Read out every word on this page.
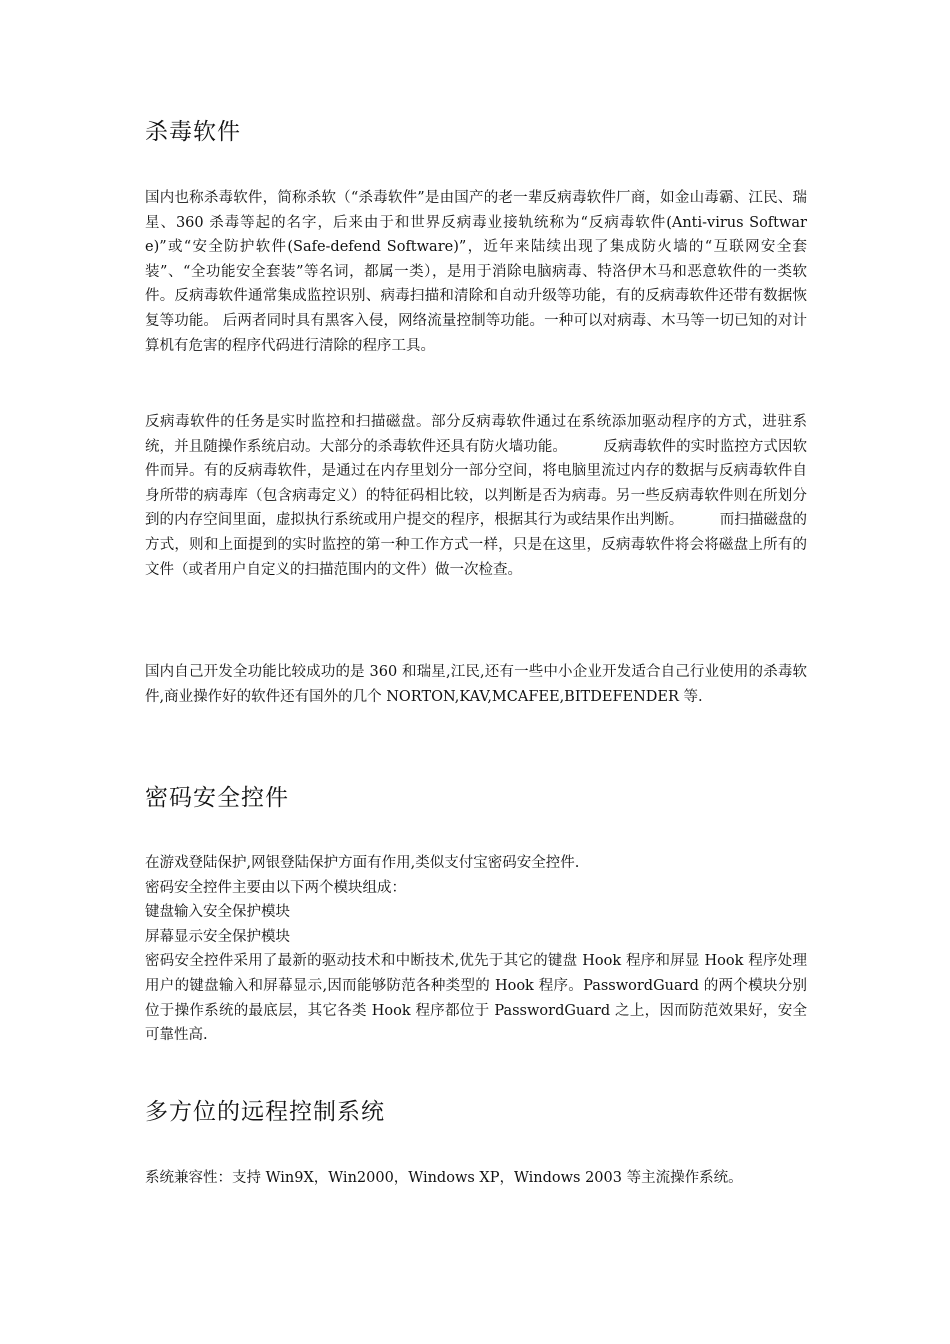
杀毒软件

国内也称杀毒软件，简称杀软（“杀毒软件”是由国产的老一辈反病毒软件厂商，如金山毒霸、江民、瑞星、360 杀毒等起的名字，后来由于和世界反病毒业接轨统称为“反病毒软件(Anti-virus Software)”或“安全防护软件(Safe-defend Software)”，近年来陆续出现了集成防火墙的“互联网安全套装”、“全功能安全套装”等名词，都属一类），是用于消除电脑病毒、特洛伊木马和恶意软件的一类软件。反病毒软件通常集成监控识别、病毒扫描和清除和自动升级等功能，有的反病毒软件还带有数据恢复等功能。 后两者同时具有黑客入侵，网络流量控制等功能。一种可以对病毒、木马等一切已知的对计算机有危害的程序代码进行清除的程序工具。

反病毒软件的任务是实时监控和扫描磁盘。部分反病毒软件通过在系统添加驱动程序的方式，进驻系统，并且随操作系统启动。大部分的杀毒软件还具有防火墙功能。　　　反病毒软件的实时监控方式因软件而异。有的反病毒软件，是通过在内存里划分一部分空间，将电脑里流过内存的数据与反病毒软件自身所带的病毒库（包含病毒定义）的特征码相比较，以判断是否为病毒。另一些反病毒软件则在所划分到的内存空间里面，虚拟执行系统或用户提交的程序，根据其行为或结果作出判断。　　　而扫描磁盘的方式，则和上面提到的实时监控的第一种工作方式一样，只是在这里，反病毒软件将会将磁盘上所有的文件（或者用户自定义的扫描范围内的文件）做一次检查。

国内自己开发全功能比较成功的是 360 和瑞星,江民,还有一些中小企业开发适合自己行业使用的杀毒软件,商业操作好的软件还有国外的几个 NORTON,KAV,MCAFEE,BITDEFENDER 等.

密码安全控件
在游戏登陆保护,网银登陆保护方面有作用,类似支付宝密码安全控件.
密码安全控件主要由以下两个模块组成：
键盘输入安全保护模块
屏幕显示安全保护模块
密码安全控件采用了最新的驱动技术和中断技术,优先于其它的键盘 Hook 程序和屏显 Hook 程序处理用户的键盘输入和屏幕显示,因而能够防范各种类型的 Hook 程序。PasswordGuard 的两个模块分别位于操作系统的最底层，其它各类 Hook 程序都位于 PasswordGuard 之上，因而防范效果好，安全可靠性高.
多方位的远程控制系统

系统兼容性：支持 Win9X，Win2000，Windows XP，Windows 2003 等主流操作系统。
